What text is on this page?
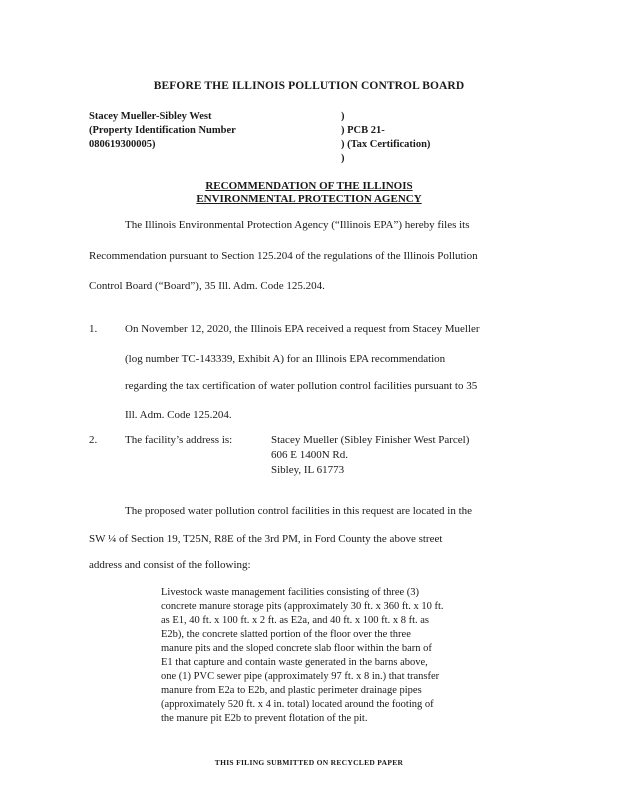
BEFORE THE ILLINOIS POLLUTION CONTROL BOARD

Stacey Mueller-Sibley West

(Property Identification Number

080619300005)

)

) PCB 21-

) (Tax Certification)

)

RECOMMENDATION OF THE ILLINOIS

ENVIRONMENTAL PROTECTION AGENCY

The Illinois Environmental Protection Agency (“Illinois EPA”) hereby files its

Recommendation pursuant to Section 125.204 of the regulations of the Illinois Pollution

Control Board (“Board”), 35 Ill. Adm. Code 125.204.

1.	On November 12, 2020, the Illinois EPA received a request from Stacey Mueller

(log number TC-143339, Exhibit A) for an Illinois EPA recommendation

regarding the tax certification of water pollution control facilities pursuant to 35

Ill. Adm. Code 125.204.

2.	The facility’s address is:	Stacey Mueller (Sibley Finisher West Parcel)

606 E 1400N Rd.

Sibley, IL 61773

The proposed water pollution control facilities in this request are located in the

SW ¼ of Section 19, T25N, R8E of the 3rd PM, in Ford County the above street

address and consist of the following:

Livestock waste management facilities consisting of three (3)

concrete manure storage pits (approximately 30 ft. x 360 ft. x 10 ft.

as E1, 40 ft. x 100 ft. x 2 ft. as E2a, and 40 ft. x 100 ft. x 8 ft. as

E2b), the concrete slatted portion of the floor over the three

manure pits and the sloped concrete slab floor within the barn of

E1 that capture and contain waste generated in the barns above,

one (1) PVC sewer pipe (approximately 97 ft. x 8 in.) that transfer

manure from E2a to E2b, and plastic perimeter drainage pipes

(approximately 520 ft. x 4 in. total) located around the footing of

the manure pit E2b to prevent flotation of the pit.

THIS FILING SUBMITTED ON RECYCLED PAPER
